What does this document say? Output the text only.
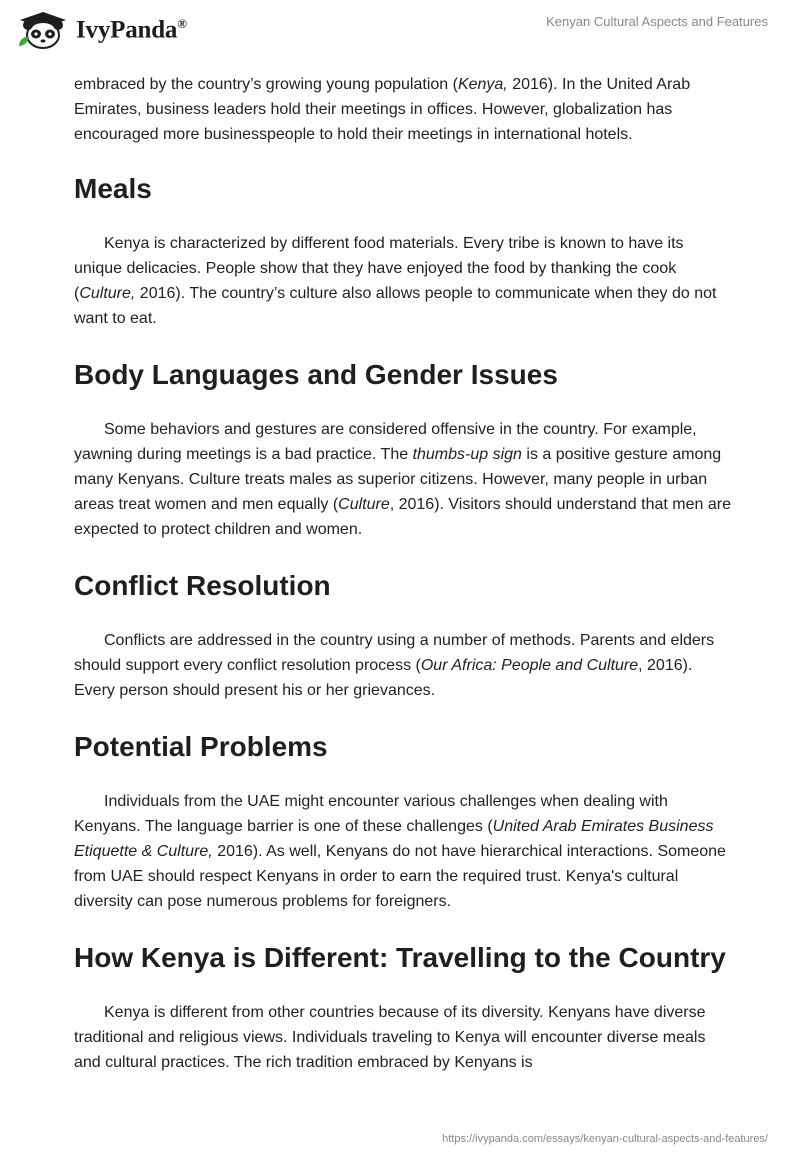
IvyPanda®	Kenyan Cultural Aspects and Features

embraced by the country’s growing young population (Kenya, 2016). In the United Arab Emirates, business leaders hold their meetings in offices. However, globalization has encouraged more businesspeople to hold their meetings in international hotels.

Meals

Kenya is characterized by different food materials. Every tribe is known to have its unique delicacies. People show that they have enjoyed the food by thanking the cook (Culture, 2016). The country’s culture also allows people to communicate when they do not want to eat.

Body Languages and Gender Issues

Some behaviors and gestures are considered offensive in the country. For example, yawning during meetings is a bad practice. The thumbs-up sign is a positive gesture among many Kenyans. Culture treats males as superior citizens. However, many people in urban areas treat women and men equally (Culture, 2016). Visitors should understand that men are expected to protect children and women.

Conflict Resolution

Conflicts are addressed in the country using a number of methods. Parents and elders should support every conflict resolution process (Our Africa: People and Culture, 2016). Every person should present his or her grievances.

Potential Problems

Individuals from the UAE might encounter various challenges when dealing with Kenyans. The language barrier is one of these challenges (United Arab Emirates Business Etiquette & Culture, 2016). As well, Kenyans do not have hierarchical interactions. Someone from UAE should respect Kenyans in order to earn the required trust. Kenya's cultural diversity can pose numerous problems for foreigners.

How Kenya is Different: Travelling to the Country

Kenya is different from other countries because of its diversity. Kenyans have diverse traditional and religious views. Individuals traveling to Kenya will encounter diverse meals and cultural practices. The rich tradition embraced by Kenyans is

https://ivypanda.com/essays/kenyan-cultural-aspects-and-features/
